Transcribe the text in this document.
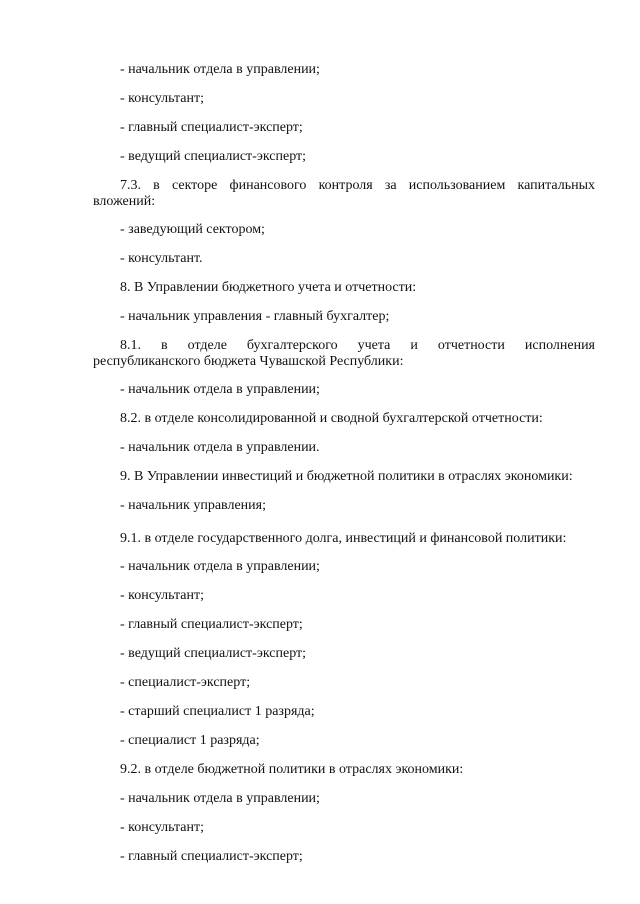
- начальник отдела в управлении;

- консультант;

- главный специалист-эксперт;

- ведущий специалист-эксперт;

7.3. в секторе финансового контроля за использованием капитальных
вложений:

- заведующий сектором;

- консультант.

8. В Управлении бюджетного учета и отчетности:

- начальник управления - главный бухгалтер;

8.1. в отделе бухгалтерского учета и отчетности исполнения
республиканского бюджета Чувашской Республики:

- начальник отдела в управлении;

8.2. в отделе консолидированной и сводной бухгалтерской отчетности:

- начальник отдела в управлении.

9. В Управлении инвестиций и бюджетной политики в отраслях экономики:

- начальник управления;

9.1. в отделе государственного долга, инвестиций и финансовой политики:

- начальник отдела в управлении;

- консультант;

- главный специалист-эксперт;

- ведущий специалист-эксперт;

- специалист-эксперт;

- старший специалист 1 разряда;

- специалист 1 разряда;

9.2. в отделе бюджетной политики в отраслях экономики:

- начальник отдела в управлении;

- консультант;

- главный специалист-эксперт;
